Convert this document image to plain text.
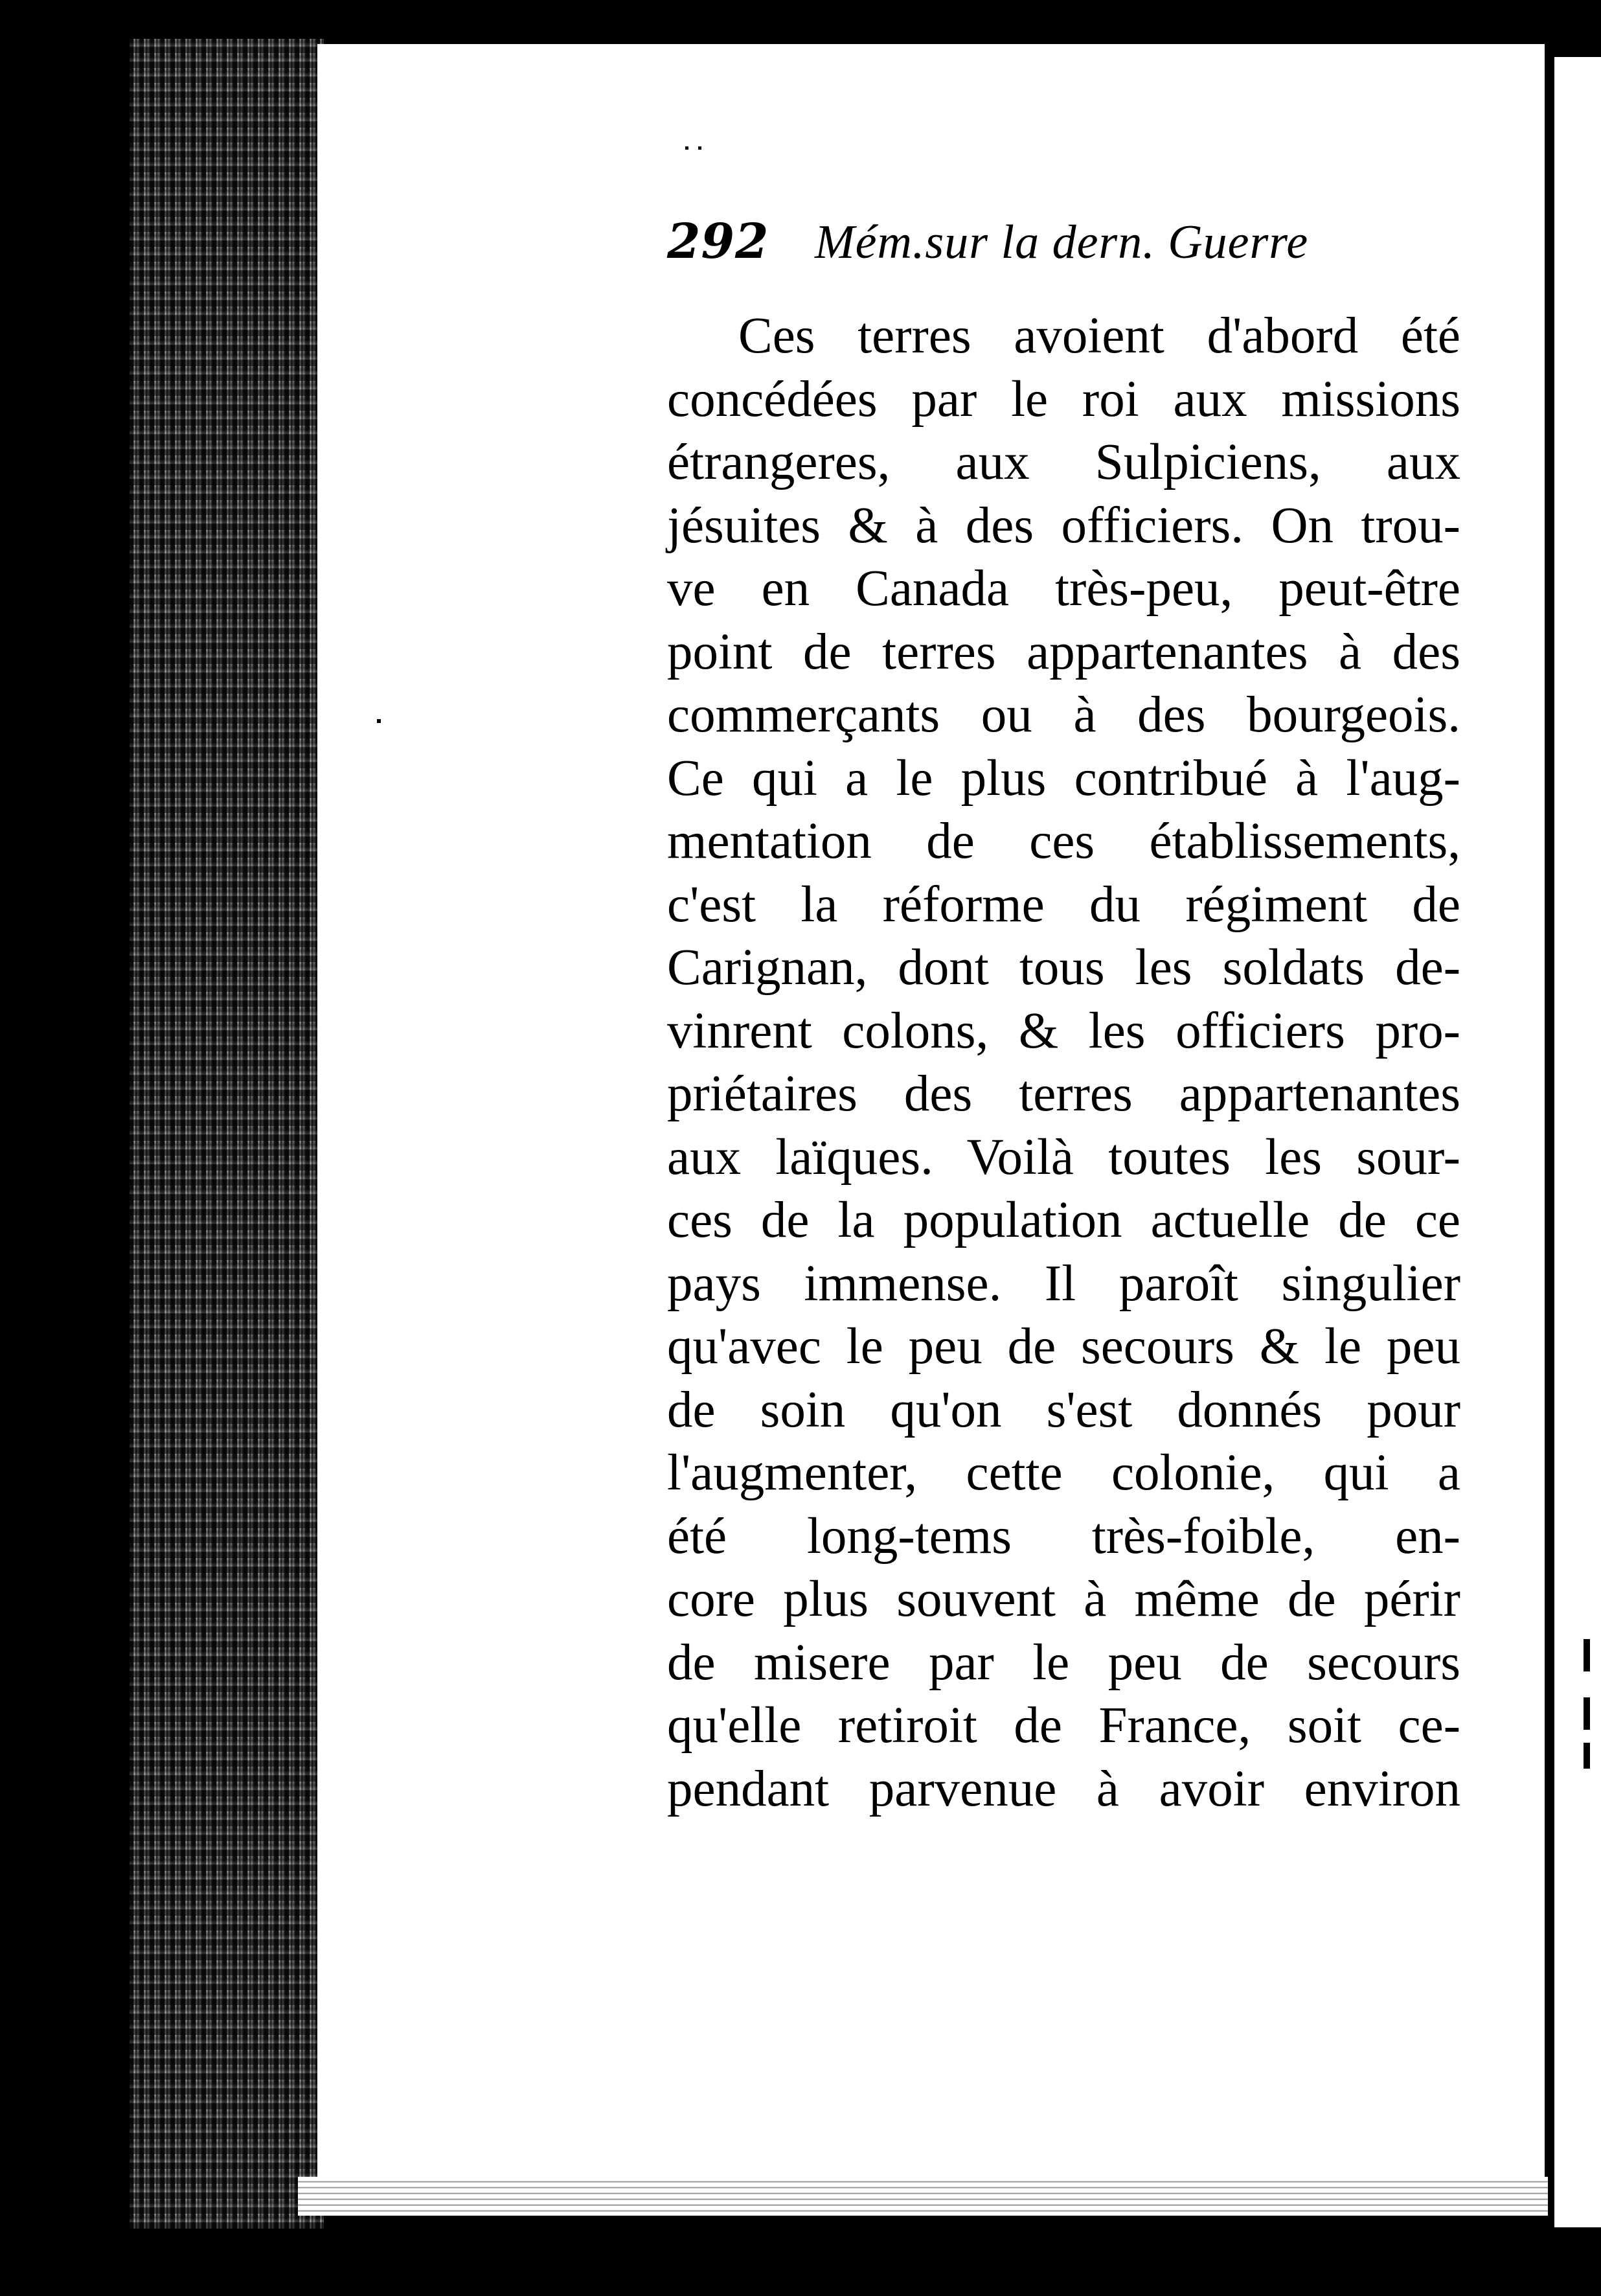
292 Mém.sur la dern. Guerre
Ces terres avoient d'abord été
concédées par le roi aux missions
étrangeres, aux Sulpiciens, aux
jésuites & à des officiers. On trou-
ve en Canada très-peu, peut-être
point de terres appartenantes à des
commerçants ou à des bourgeois.
Ce qui a le plus contribué à l'aug-
mentation de ces établissements,
c'est la réforme du régiment de
Carignan, dont tous les soldats de-
vinrent colons, & les officiers pro-
priétaires des terres appartenantes
aux laïques. Voilà toutes les sour-
ces de la population actuelle de ce
pays immense. Il paroît singulier
qu'avec le peu de secours & le peu
de soin qu'on s'est donnés pour
l'augmenter, cette colonie, qui a
été long-tems très-foible, en-
core plus souvent à même de périr
de misere par le peu de secours
qu'elle retiroit de France, soit ce-
pendant parvenue à avoir environ
